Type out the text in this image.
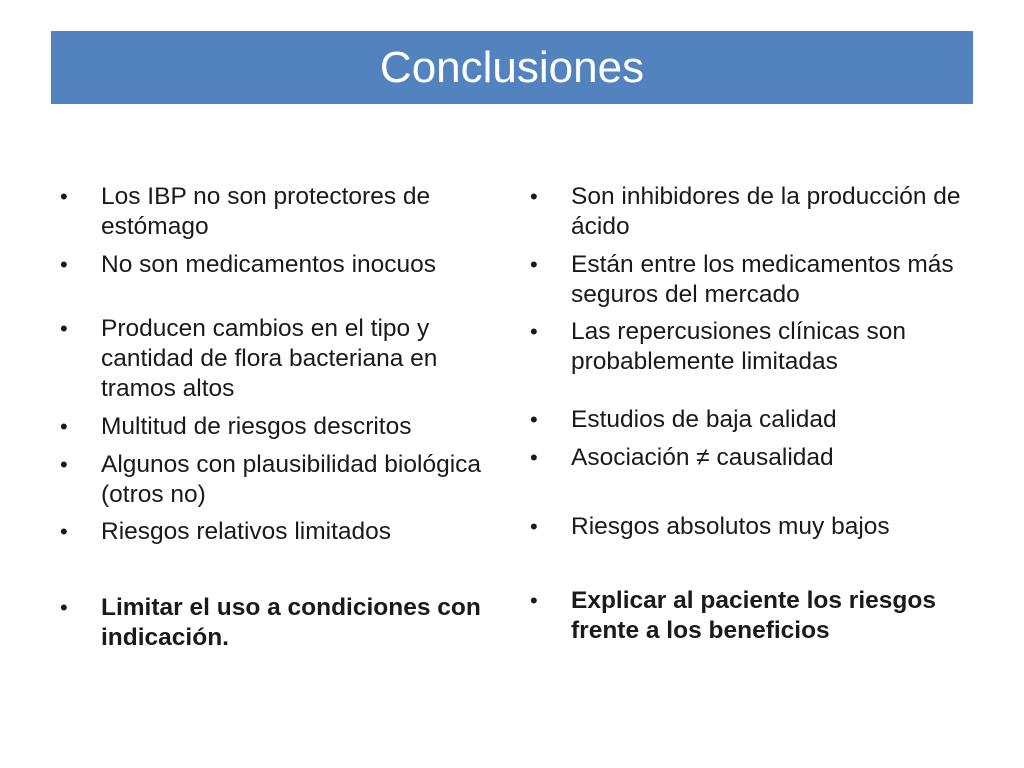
Conclusiones
•	Los IBP no son protectores de estómago
•	No son medicamentos inocuos
•	Producen cambios en el tipo y cantidad de flora bacteriana en tramos altos
•	Multitud de riesgos descritos
•	Algunos con plausibilidad biológica (otros no)
•	Riesgos relativos limitados
•	Limitar el uso a condiciones con indicación.
•	Son inhibidores de la producción de ácido
•	Están entre los medicamentos más seguros del mercado
•	Las repercusiones clínicas son probablemente limitadas
•	Estudios de baja calidad
•	Asociación ≠ causalidad
•	Riesgos absolutos muy bajos
•	Explicar al paciente los riesgos frente a los beneficios
